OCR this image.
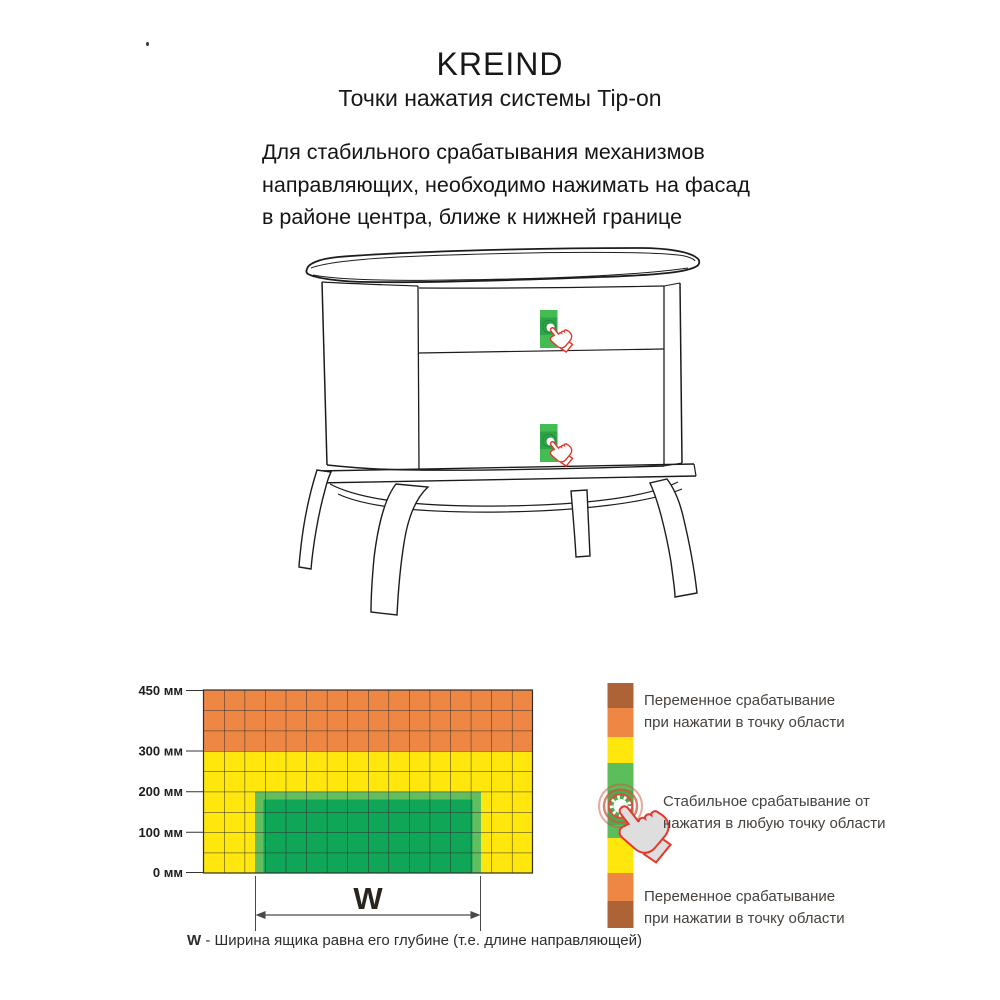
KREIND
Точки нажатия системы Tip-on
Для стабильного срабатывания механизмов
направляющих, необходимо нажимать на фасад
в районе центра, ближе к нижней границе
450 мм
300 мм
200 мм
100 мм
0 мм
W
Переменное срабатывание
при нажатии в точку области
Стабильное срабатывание от
нажатия в любую точку области
Переменное срабатывание
при нажатии в точку области
W - Ширина ящика равна его глубине (т.е. длине направляющей)
